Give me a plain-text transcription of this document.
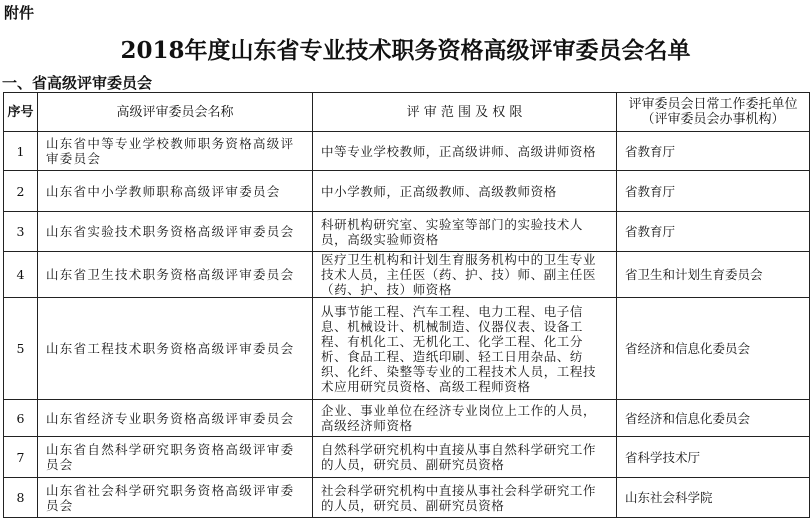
附件
2018年度山东省专业技术职务资格高级评审委员会名单
一、省高级评审委员会
序号	高级评审委员会名称	评 审 范 围 及 权 限	评审委员会日常工作委托单位
（评审委员会办事机构）

1	山东省中等专业学校教师职务资格高级评审委员会	中等专业学校教师，正高级讲师、高级讲师资格	省教育厅
2	山东省中小学教师职称高级评审委员会	中小学教师，正高级教师、高级教师资格	省教育厅
3	山东省实验技术职务资格高级评审委员会	科研机构研究室、实验室等部门的实验技术人员，高级实验师资格	省教育厅
4	山东省卫生技术职务资格高级评审委员会	医疗卫生机构和计划生育服务机构中的卫生专业技术人员，主任医（药、护、技）师、副主任医（药、护、技）师资格	省卫生和计划生育委员会
5	山东省工程技术职务资格高级评审委员会	从事节能工程、汽车工程、电力工程、电子信息、机械设计、机械制造、仪器仪表、设备工程、有机化工、无机化工、化学工程、化工分析、食品工程、造纸印刷、轻工日用杂品、纺织、化纤、染整等专业的工程技术人员，工程技术应用研究员资格、高级工程师资格	省经济和信息化委员会
6	山东省经济专业职务资格高级评审委员会	企业、事业单位在经济专业岗位上工作的人员，高级经济师资格	省经济和信息化委员会
7	山东省自然科学研究职务资格高级评审委员会	自然科学研究机构中直接从事自然科学研究工作的人员，研究员、副研究员资格	省科学技术厅
8	山东省社会科学研究职务资格高级评审委员会	社会科学研究机构中直接从事社会科学研究工作的人员，研究员、副研究员资格	山东社会科学院
